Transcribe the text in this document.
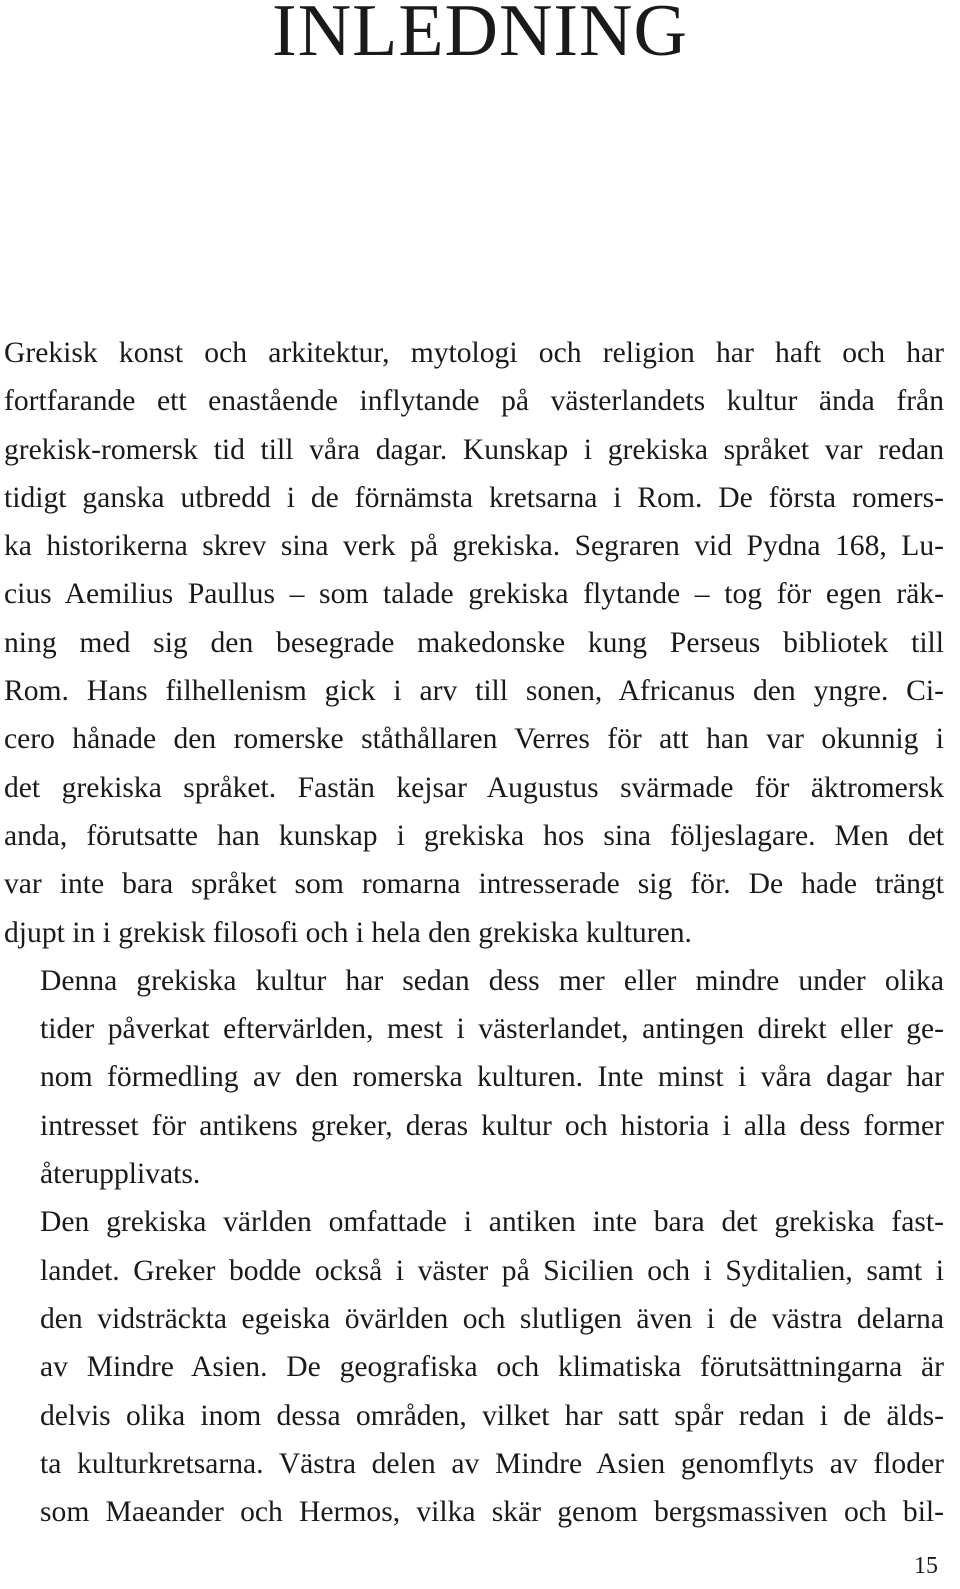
INLEDNING

Grekisk konst och arkitektur, mytologi och religion har haft och har
fortfarande ett enastående inflytande på västerlandets kultur ända från
grekisk-romersk tid till våra dagar. Kunskap i grekiska språket var redan
tidigt ganska utbredd i de förnämsta kretsarna i Rom. De första romers-
ka historikerna skrev sina verk på grekiska. Segraren vid Pydna 168, Lu-
cius Aemilius Paullus – som talade grekiska flytande – tog för egen räk-
ning med sig den besegrade makedonske kung Perseus bibliotek till
Rom. Hans filhellenism gick i arv till sonen, Africanus den yngre. Ci-
cero hånade den romerske ståthållaren Verres för att han var okunnig i
det grekiska språket. Fastän kejsar Augustus svärmade för äktromersk
anda, förutsatte han kunskap i grekiska hos sina följeslagare. Men det
var inte bara språket som romarna intresserade sig för. De hade trängt
djupt in i grekisk filosofi och i hela den grekiska kulturen.

Denna grekiska kultur har sedan dess mer eller mindre under olika
tider påverkat eftervärlden, mest i västerlandet, antingen direkt eller ge-
nom förmedling av den romerska kulturen. Inte minst i våra dagar har
intresset för antikens greker, deras kultur och historia i alla dess former
återupplivats.

Den grekiska världen omfattade i antiken inte bara det grekiska fast-
landet. Greker bodde också i väster på Sicilien och i Syditalien, samt i
den vidsträckta egeiska övärlden och slutligen även i de västra delarna
av Mindre Asien. De geografiska och klimatiska förutsättningarna är
delvis olika inom dessa områden, vilket har satt spår redan i de älds-
ta kulturkretsarna. Västra delen av Mindre Asien genomflyts av floder
som Maeander och Hermos, vilka skär genom bergsmassiven och bil-

15
